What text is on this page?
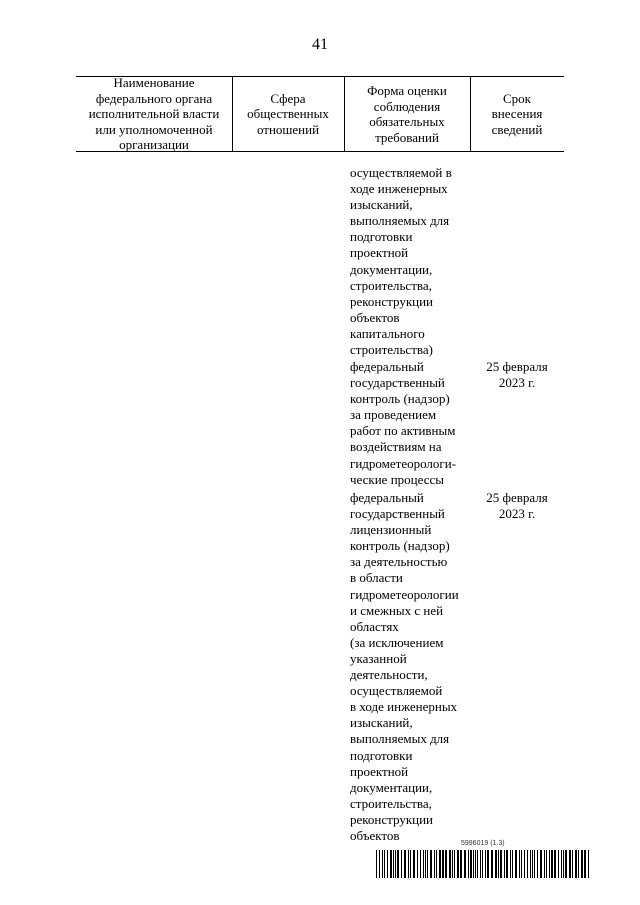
41
Наименование
федерального органа
исполнительной власти
или уполномоченной
организации
Сфера
общественных
отношений
Форма оценки
соблюдения
обязательных
требований
Срок
внесения
сведений
осуществляемой в
ходе инженерных
изысканий,
выполняемых для
подготовки
проектной
документации,
строительства,
реконструкции
объектов
капитального
строительства)
федеральный
государственный
контроль (надзор)
за проведением
работ по активным
воздействиям на
гидрометеорологи-
ческие процессы
25 февраля
2023 г.
федеральный
государственный
лицензионный
контроль (надзор)
за деятельностью
в области
гидрометеорологии
и смежных с ней
областях
(за исключением
указанной
деятельности,
осуществляемой
в ходе инженерных
изысканий,
выполняемых для
подготовки
проектной
документации,
строительства,
реконструкции
объектов
25 февраля
2023 г.
5996019 (1.3)
